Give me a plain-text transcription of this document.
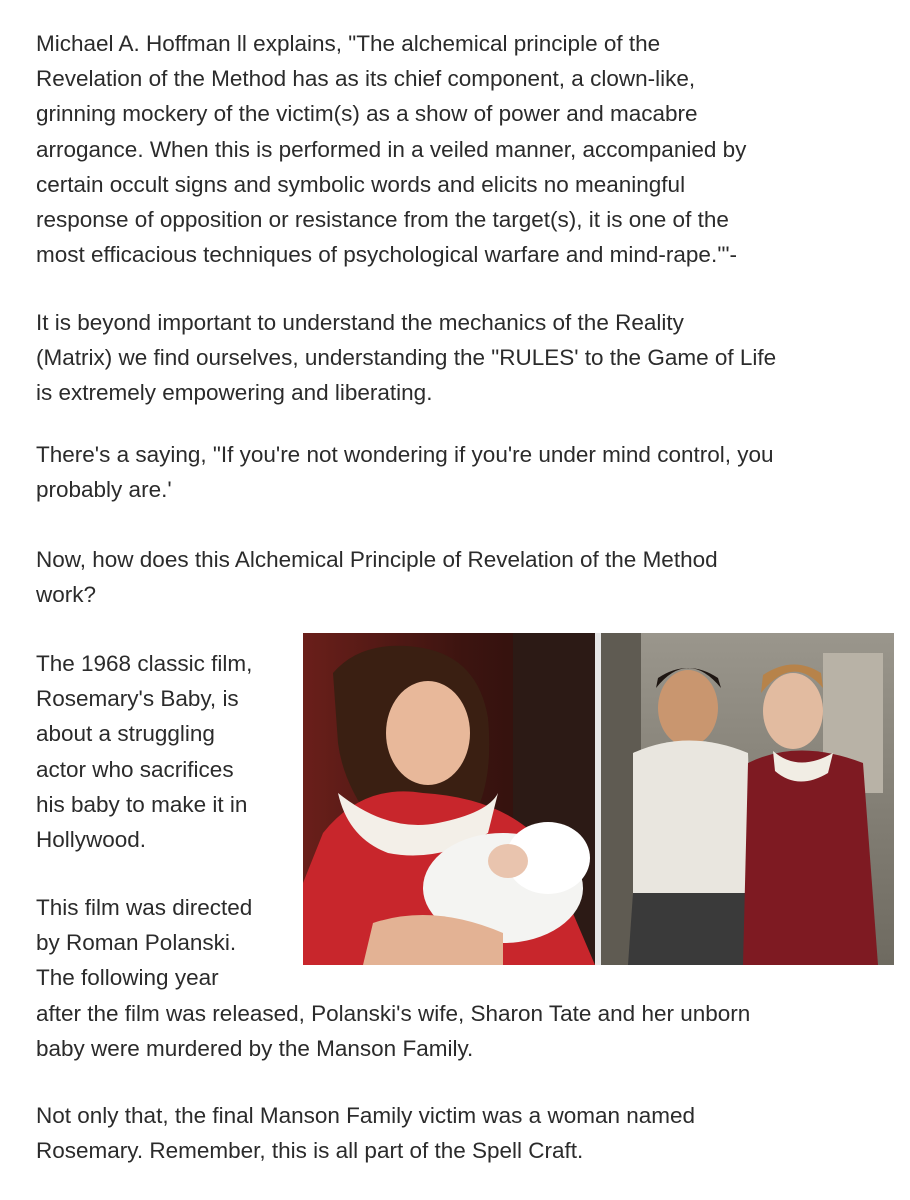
Michael A. Hoffman ll explains, "The alchemical principle of the
Revelation of the Method has as its chief component, a clown-like,
grinning mockery of the victim(s) as a show of power and macabre
arrogance. When this is performed in a veiled manner, accompanied by
certain occult signs and symbolic words and elicits no meaningful
response of opposition or resistance from the target(s), it is one of the
most efficacious techniques of psychological warfare and mind-rape.'"-

It is beyond important to understand the mechanics of the Reality
(Matrix) we find ourselves, understanding the "RULES' to the Game of Life
is extremely empowering and liberating.

There's a saying, "If you're not wondering if you're under mind control, you
probably are.'

Now, how does this Alchemical Principle of Revelation of the Method
work?

The 1968 classic film,
Rosemary's Baby, is
about a struggling
actor who sacrifices
his baby to make it in
Hollywood.

This film was directed
by Roman Polanski.
The following year
after the film was released, Polanski's wife, Sharon Tate and her unborn
baby were murdered by the Manson Family.

Not only that, the final Manson Family victim was a woman named
Rosemary. Remember, this is all part of the Spell Craft.
